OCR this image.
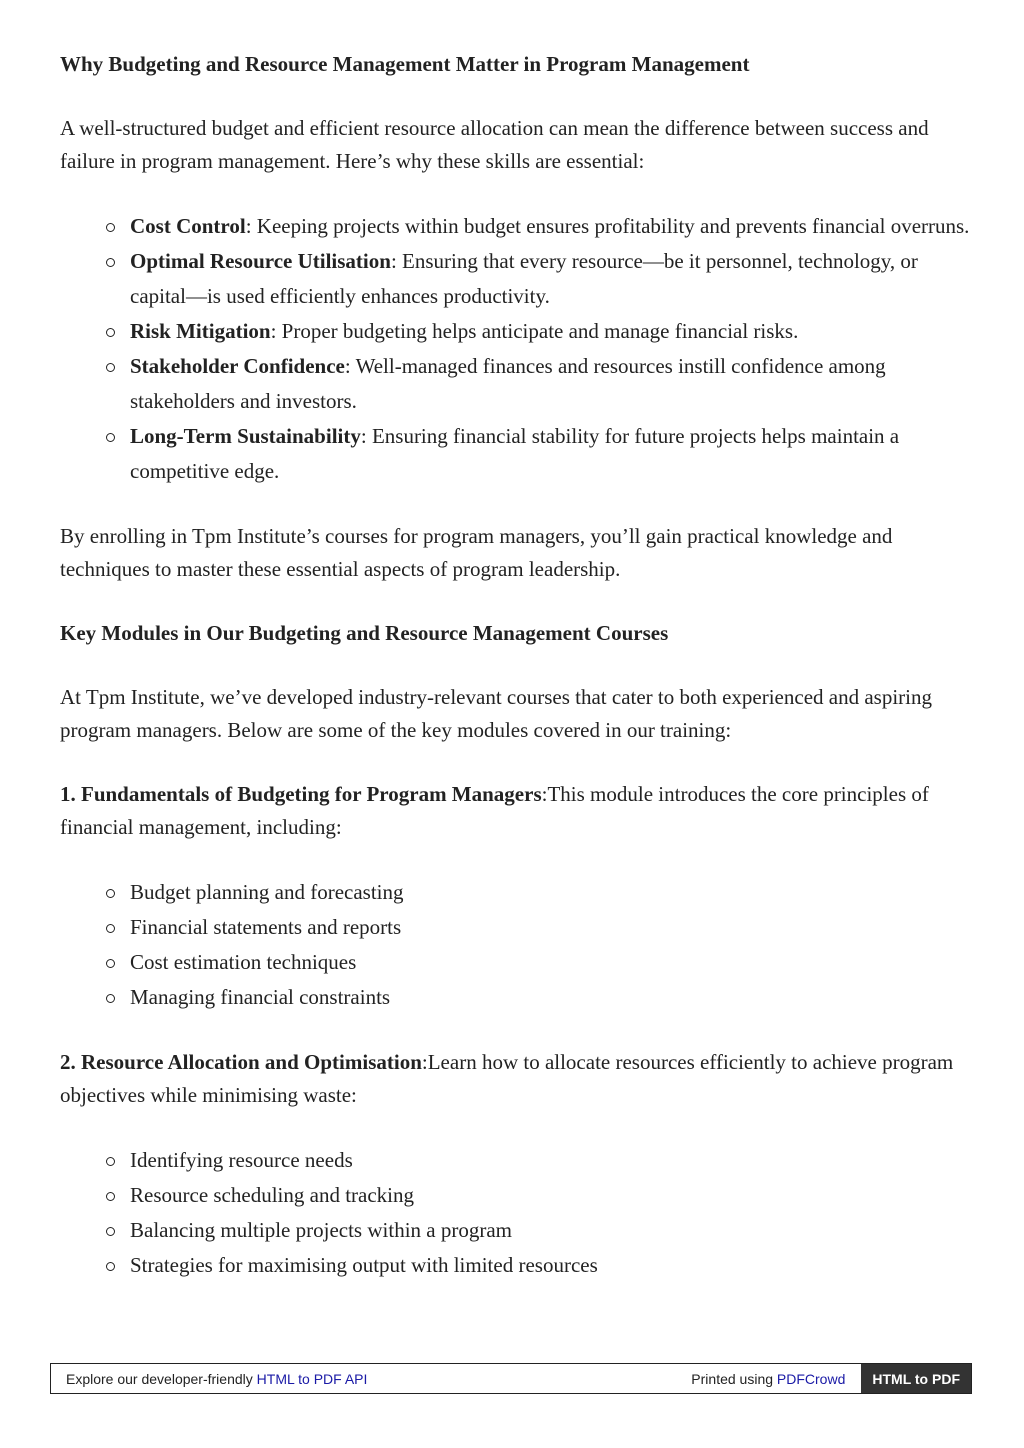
Why Budgeting and Resource Management Matter in Program Management

A well-structured budget and efficient resource allocation can mean the difference between success and failure in program management. Here’s why these skills are essential:

Cost Control: Keeping projects within budget ensures profitability and prevents financial overruns.
Optimal Resource Utilisation: Ensuring that every resource—be it personnel, technology, or capital—is used efficiently enhances productivity.
Risk Mitigation: Proper budgeting helps anticipate and manage financial risks.
Stakeholder Confidence: Well-managed finances and resources instill confidence among stakeholders and investors.
Long-Term Sustainability: Ensuring financial stability for future projects helps maintain a competitive edge.

By enrolling in Tpm Institute’s courses for program managers, you’ll gain practical knowledge and techniques to master these essential aspects of program leadership.

Key Modules in Our Budgeting and Resource Management Courses

At Tpm Institute, we’ve developed industry-relevant courses that cater to both experienced and aspiring program managers. Below are some of the key modules covered in our training:

1. Fundamentals of Budgeting for Program Managers:This module introduces the core principles of financial management, including:

Budget planning and forecasting
Financial statements and reports
Cost estimation techniques
Managing financial constraints

2. Resource Allocation and Optimisation:Learn how to allocate resources efficiently to achieve program objectives while minimising waste:

Identifying resource needs
Resource scheduling and tracking
Balancing multiple projects within a program
Strategies for maximising output with limited resources
Explore our developer-friendly HTML to PDF API	Printed using PDFCrowd	HTML to PDF
